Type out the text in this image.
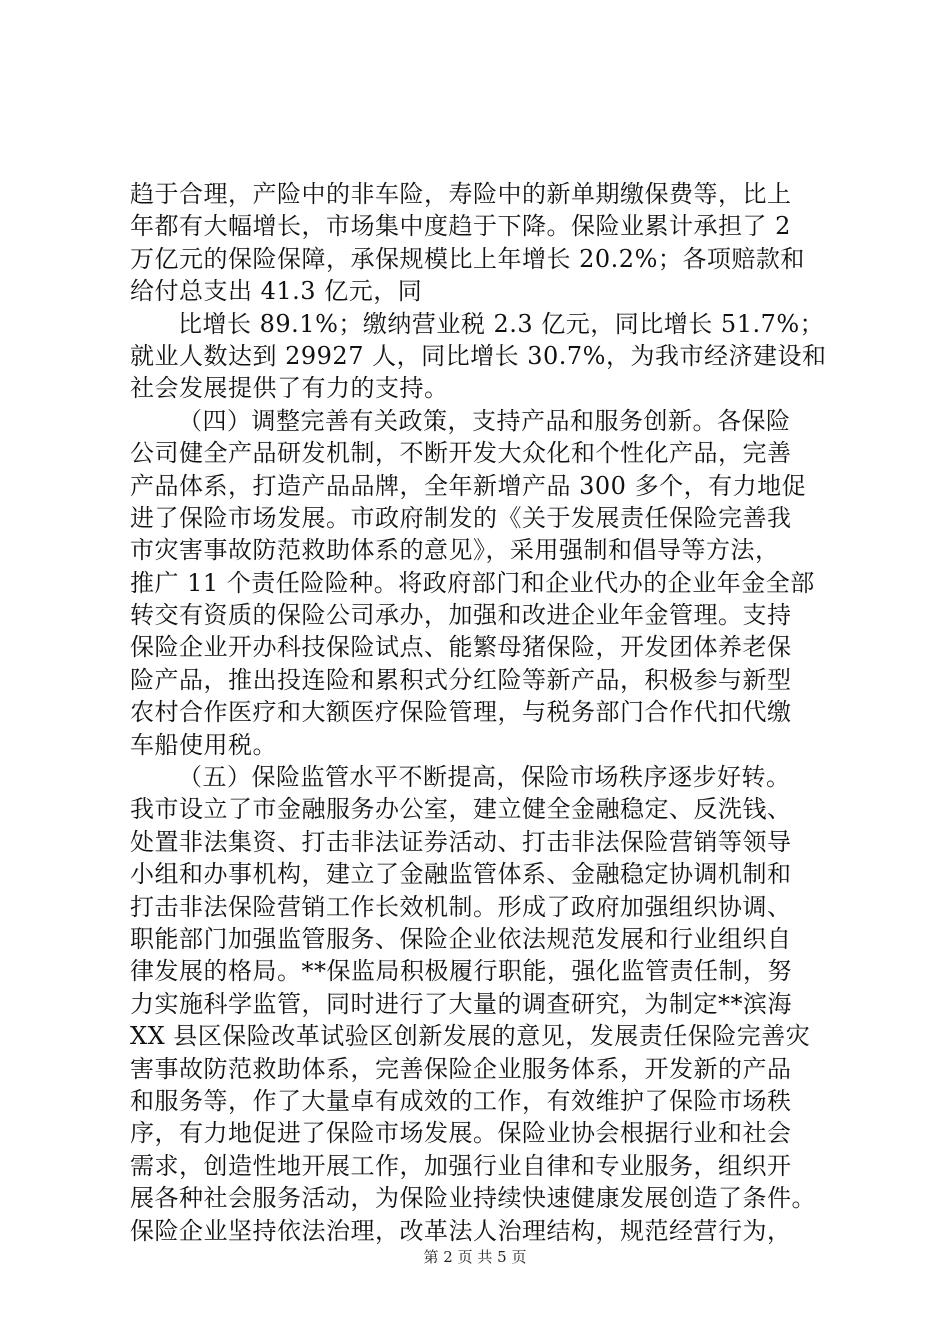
趋于合理，产险中的非车险，寿险中的新单期缴保费等，比上
年都有大幅增长，市场集中度趋于下降。保险业累计承担了 2
万亿元的保险保障，承保规模比上年增长 20.2%；各项赔款和
给付总支出 41.3 亿元，同
比增长 89.1%；缴纳营业税 2.3 亿元，同比增长 51.7%；
就业人数达到 29927 人，同比增长 30.7%，为我市经济建设和
社会发展提供了有力的支持。
（四）调整完善有关政策，支持产品和服务创新。各保险
公司健全产品研发机制，不断开发大众化和个性化产品，完善
产品体系，打造产品品牌，全年新增产品 300 多个，有力地促
进了保险市场发展。市政府制发的《关于发展责任保险完善我
市灾害事故防范救助体系的意见》，采用强制和倡导等方法，
推广 11 个责任险险种。将政府部门和企业代办的企业年金全部
转交有资质的保险公司承办，加强和改进企业年金管理。支持
保险企业开办科技保险试点、能繁母猪保险，开发团体养老保
险产品，推出投连险和累积式分红险等新产品，积极参与新型
农村合作医疗和大额医疗保险管理，与税务部门合作代扣代缴
车船使用税。
（五）保险监管水平不断提高，保险市场秩序逐步好转。
我市设立了市金融服务办公室，建立健全金融稳定、反洗钱、
处置非法集资、打击非法证券活动、打击非法保险营销等领导
小组和办事机构，建立了金融监管体系、金融稳定协调机制和
打击非法保险营销工作长效机制。形成了政府加强组织协调、
职能部门加强监管服务、保险企业依法规范发展和行业组织自
律发展的格局。**保监局积极履行职能，强化监管责任制，努
力实施科学监管，同时进行了大量的调查研究，为制定**滨海
XX 县区保险改革试验区创新发展的意见，发展责任保险完善灾
害事故防范救助体系，完善保险企业服务体系，开发新的产品
和服务等，作了大量卓有成效的工作，有效维护了保险市场秩
序，有力地促进了保险市场发展。保险业协会根据行业和社会
需求，创造性地开展工作，加强行业自律和专业服务，组织开
展各种社会服务活动，为保险业持续快速健康发展创造了条件。
保险企业坚持依法治理，改革法人治理结构，规范经营行为，
第 2 页 共 5 页
